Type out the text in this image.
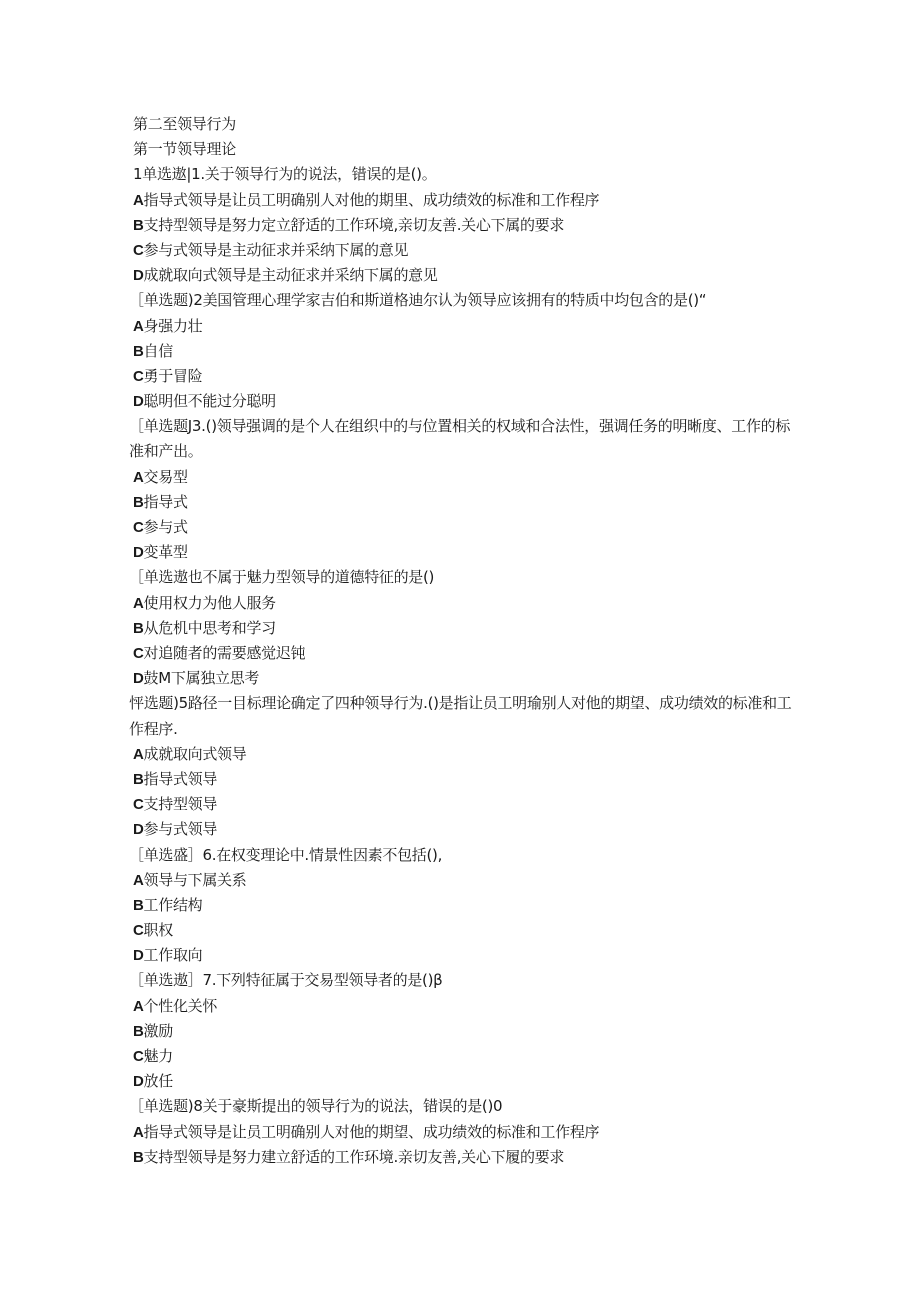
第二至领导行为
第一节领导理论
1单选遨|1.关于领导行为的说法，错误的是()。
A指导式领导是让员工明确别人对他的期里、成功绩效的标准和工作程序
B支持型领导是努力定立舒适的工作环境,亲切友善.关心下属的要求
C参与式领导是主动征求并采纳下属的意见
D成就取向式领导是主动征求并采纳下属的意见
［单选题)2美国管理心理学家吉伯和斯道格迪尔认为领导应该拥有的特质中均包含的是()“
A身强力壮
B自信
C勇于冒险
D聪明但不能过分聪明
［单选题J3.()领导强调的是个人在组织中的与位置相关的权域和合法性，强调任务的明晰度、工作的标准和产出。
A交易型
B指导式
C参与式
D变革型
［单选遨也不属于魅力型领导的道德特征的是()
A使用权力为他人服务
B从危机中思考和学习
C对追随者的需要感觉迟钝
D鼓M下属独立思考
怦选题)5路径一目标理论确定了四种领导行为.()是指让员工明瑜别人对他的期望、成功绩效的标准和工作程序.
A成就取向式领导
B指导式领导
C支持型领导
D参与式领导
［单选盛］6.在权变理论中.情景性因素不包括(),
A领导与下属关系
B工作结构
C职权
D工作取向
［单选遨］7.下列特征属于交易型领导者的是()β
A个性化关怀
B激励
C魅力
D放任
［单选题)8关于豪斯提出的领导行为的说法，错误的是()0
A指导式领导是让员工明确别人对他的期望、成功绩效的标准和工作程序
B支持型领导是努力建立舒适的工作环境.亲切友善,关心下履的要求
